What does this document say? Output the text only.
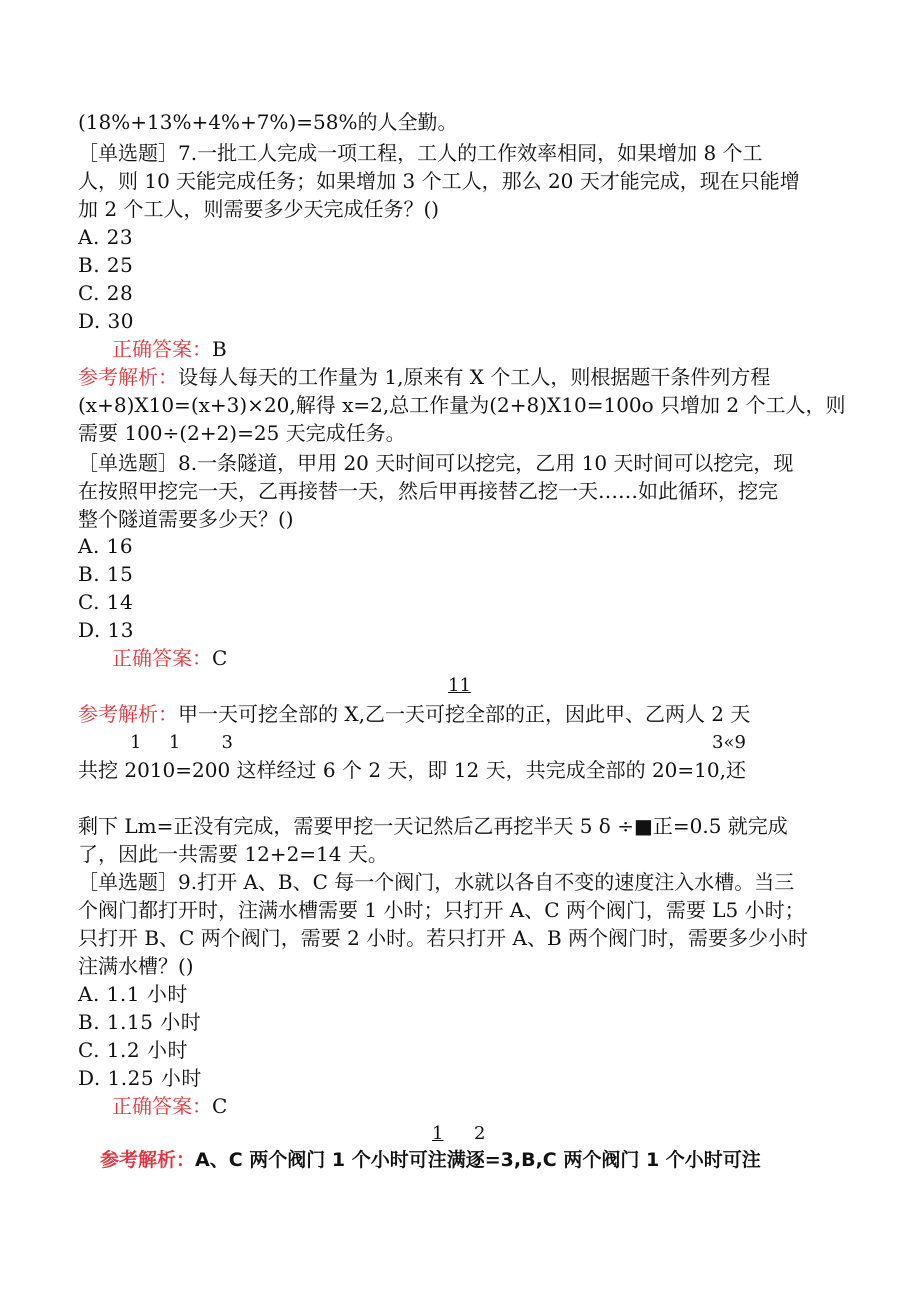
(18%+13%+4%+7%)=58%的人全勤。
［单选题］7.一批工人完成一项工程，工人的工作效率相同，如果增加 8 个工
人，则 10 天能完成任务；如果增加 3 个工人，那么 20 天才能完成，现在只能增
加 2 个工人，则需要多少天完成任务？()
A. 23
B. 25
C. 28
D. 30
正确答案：B
参考解析：设每人每天的工作量为 1,原来有 X 个工人，则根据题干条件列方程
(x+8)X10=(x+3)×20,解得 x=2,总工作量为(2+8)X10=100o 只增加 2 个工人，则
需要 100÷(2+2)=25 天完成任务。
［单选题］8.一条隧道，甲用 20 天时间可以挖完，乙用 10 天时间可以挖完，现
在按照甲挖完一天，乙再接替一天，然后甲再接替乙挖一天……如此循环，挖完
整个隧道需要多少天？()
A. 16
B. 15
C. 14
D. 13
正确答案：C
11
参考解析：甲一天可挖全部的 X,乙一天可挖全部的正，因此甲、乙两人 2 天
1  1   3	3«9
共挖 2010=200 这样经过 6 个 2 天，即 12 天，共完成全部的 20=10,还
剩下 Lm=正没有完成，需要甲挖一天记然后乙再挖半天 5 δ ÷■正=0.5 就完成
了，因此一共需要 12+2=14 天。
［单选题］9.打开 A、B、C 每一个阀门，水就以各自不变的速度注入水槽。当三
个阀门都打开时，注满水槽需要 1 小时；只打开 A、C 两个阀门，需要 L5 小时；
只打开 B、C 两个阀门，需要 2 小时。若只打开 A、B 两个阀门时，需要多少小时
注满水槽？()
A. 1.1 小时
B. 1.15 小时
C. 1.2 小时
D. 1.25 小时
正确答案：C
1 2
参考解析：A、C 两个阀门 1 个小时可注满逐=3,B,C 两个阀门 1 个小时可注
